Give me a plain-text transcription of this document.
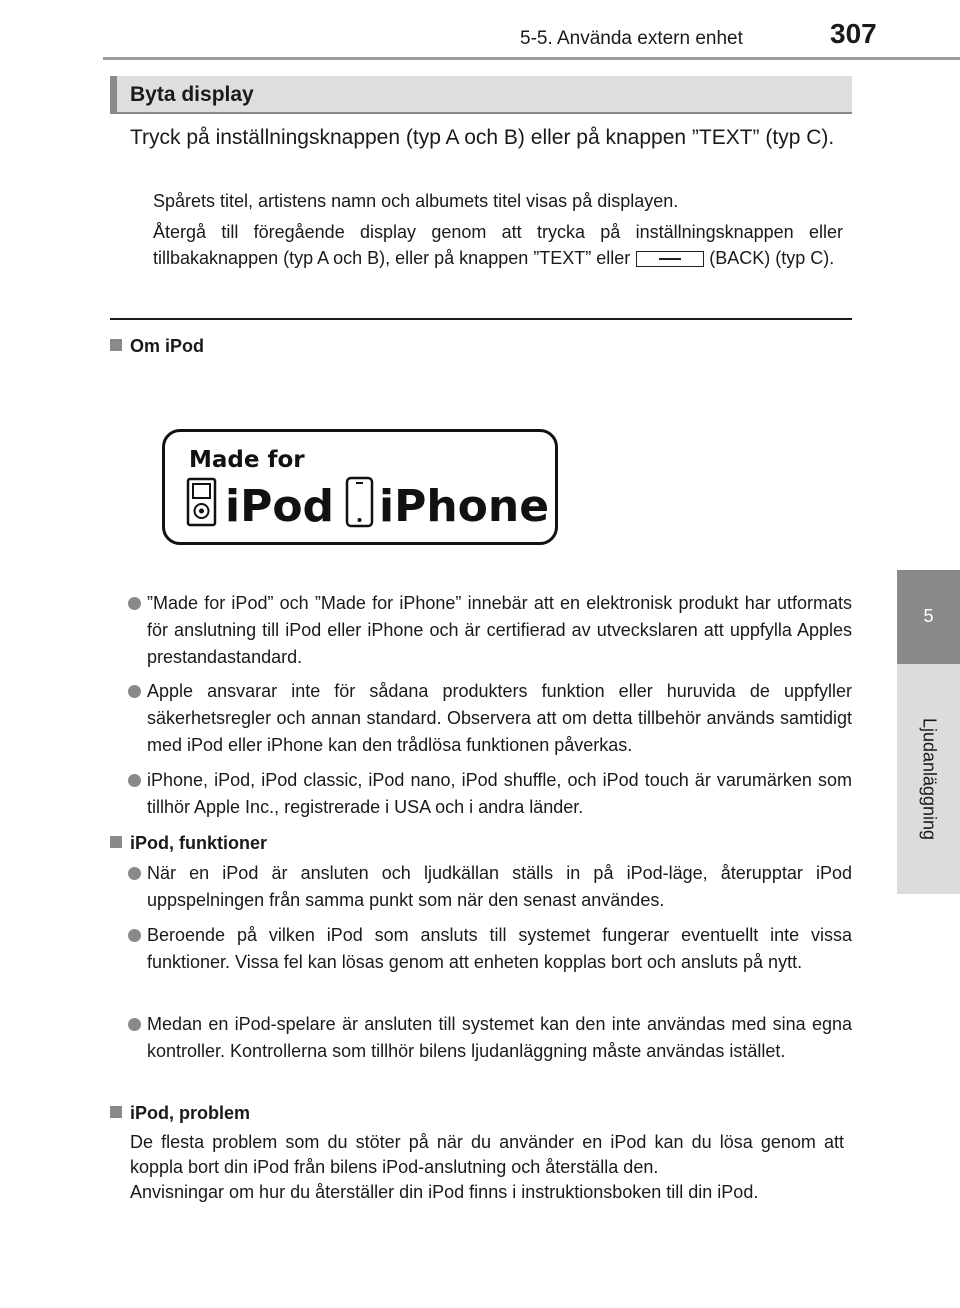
5-5. Använda extern enhet	307
5
Ljudanläggning
Byta display
Tryck på inställningsknappen (typ A och B) eller på knappen ”TEXT” (typ C).
Spårets titel, artistens namn och albumets titel visas på displayen.
Återgå till föregående display genom att trycka på inställningsknappen eller tillbakaknappen (typ A och B), eller på knappen ”TEXT” eller	(BACK) (typ C).
Om iPod
Made for
iPod iPhone
”Made for iPod” och ”Made for iPhone” innebär att en elektronisk produkt har utformats för anslutning till iPod eller iPhone och är certifierad av utveckslaren att uppfylla Apples prestandastandard.
Apple ansvarar inte för sådana produkters funktion eller huruvida de uppfyller säkerhetsregler och annan standard. Observera att om detta tillbehör används samtidigt med iPod eller iPhone kan den trådlösa funktionen påverkas.
iPhone, iPod, iPod classic, iPod nano, iPod shuffle, och iPod touch är varumärken som tillhör Apple Inc., registrerade i USA och i andra länder.
iPod, funktioner
När en iPod är ansluten och ljudkällan ställs in på iPod-läge, återupptar iPod uppspelningen från samma punkt som när den senast användes.
Beroende på vilken iPod som ansluts till systemet fungerar eventuellt inte vissa funktioner. Vissa fel kan lösas genom att enheten kopplas bort och ansluts på nytt.
Medan en iPod-spelare är ansluten till systemet kan den inte användas med sina egna kontroller. Kontrollerna som tillhör bilens ljudanläggning måste användas istället.
iPod, problem
De flesta problem som du stöter på när du använder en iPod kan du lösa genom att koppla bort din iPod från bilens iPod-anslutning och återställa den.
Anvisningar om hur du återställer din iPod finns i instruktionsboken till din iPod.
